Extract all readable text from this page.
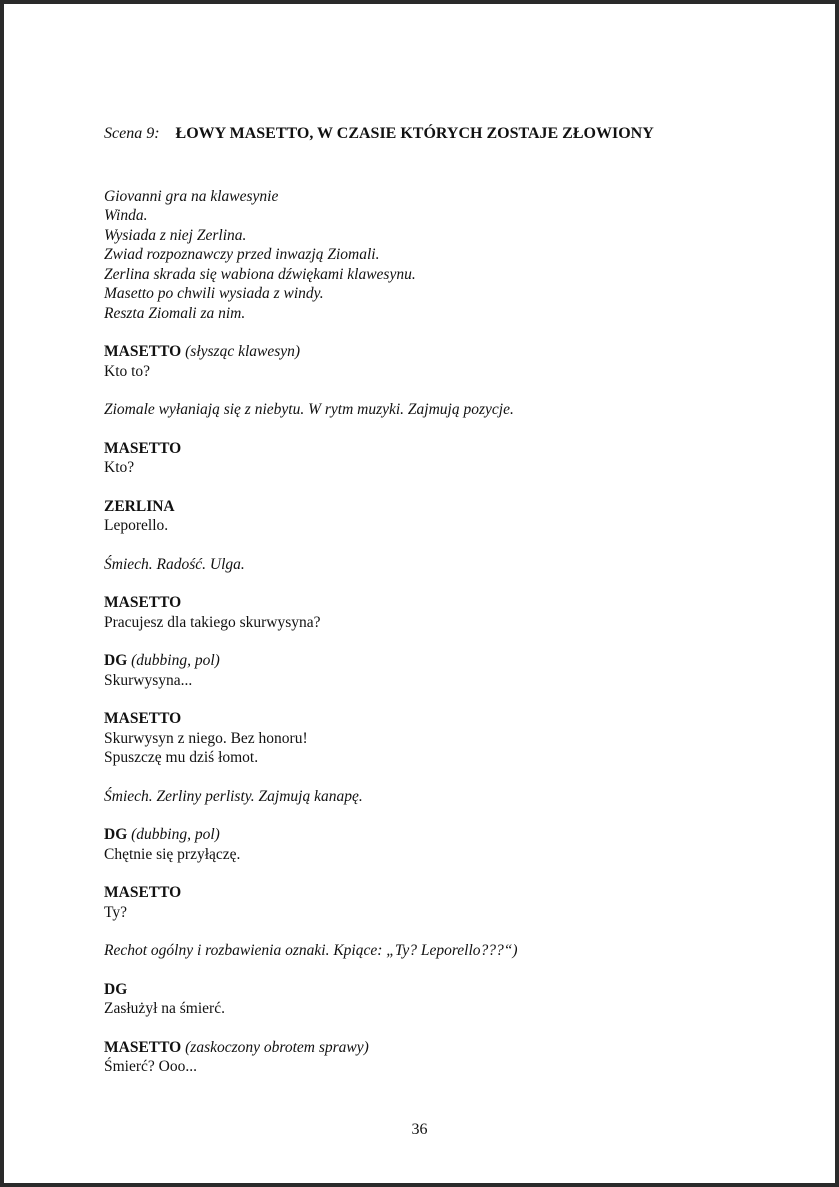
Scena 9: ŁOWY MASETTO, W CZASIE KTÓRYCH ZOSTAJE ZŁOWIONY

Giovanni gra na klawesynie

Winda.

Wysiada z niej Zerlina.

Zwiad rozpoznawczy przed inwazją Ziomali.

Zerlina skrada się wabiona dźwiękami klawesynu.

Masetto po chwili wysiada z windy.

Reszta Ziomali za nim.

MASETTO (słysząc klawesyn)

Kto to?

Ziomale wyłaniają się z niebytu. W rytm muzyki. Zajmują pozycje.

MASETTO

Kto?

ZERLINA

Leporello.

Śmiech. Radość. Ulga.

MASETTO

Pracujesz dla takiego skurwysyna?

DG (dubbing, pol)

Skurwysyna...

MASETTO

Skurwysyn z niego. Bez honoru!

Spuszczę mu dziś łomot.

Śmiech. Zerliny perlisty. Zajmują kanapę.

DG (dubbing, pol)

Chętnie się przyłączę.

MASETTO

Ty?

Rechot ogólny i rozbawienia oznaki. Kpiące: „Ty? Leporello???“)

DG

Zasłużył na śmierć.

MASETTO (zaskoczony obrotem sprawy)

Śmierć? Ooo...

36
